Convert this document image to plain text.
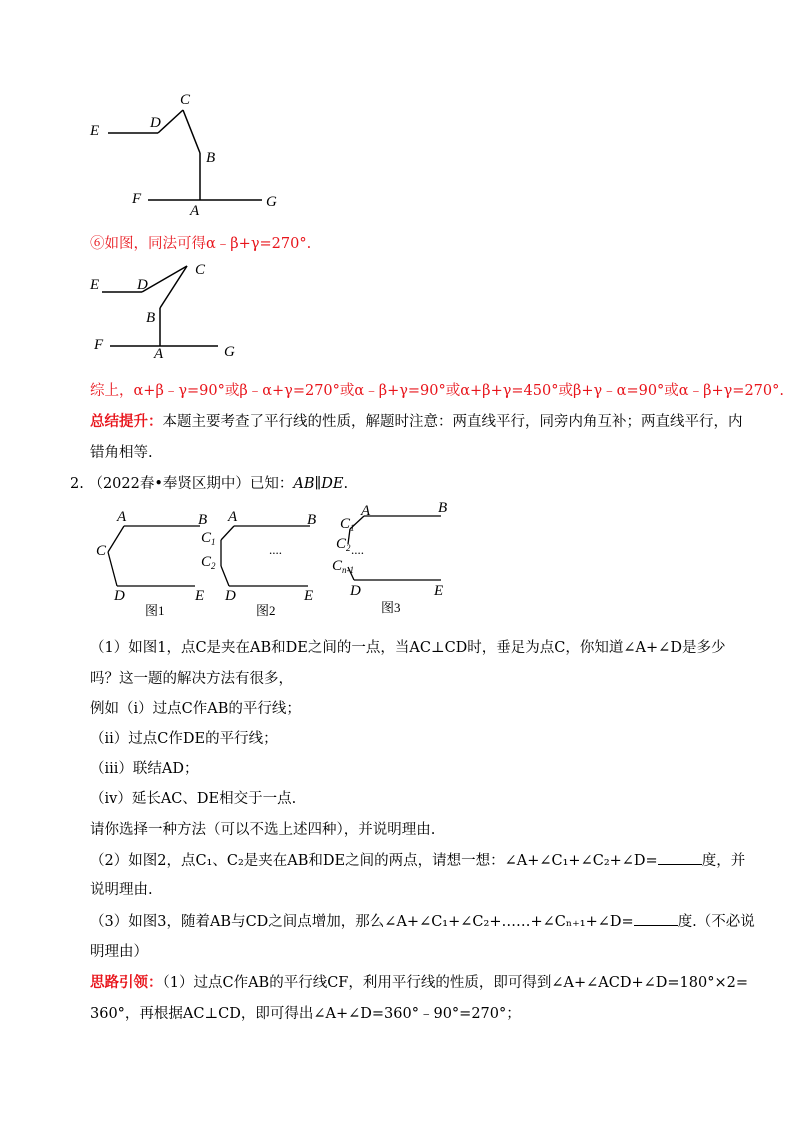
E	D
C
B
F
A
G
⑥如图，同法可得α﹣β+γ=270°.
E	D
C
B
F
A	G
综上，α+β﹣γ=90°或β﹣α+γ=270°或α﹣β+γ=90°或α+β+γ=450°或β+γ﹣α=90°或α﹣β+γ=270°.
总结提升：本题主要考查了平行线的性质，解题时注意：两直线平行，同旁内角互补；两直线平行，内
错角相等.
2. （2022春•奉贤区期中）已知：AB∥DE.
A	B
C
D	E
图1
A	B
$C_1$
$C_2$
....
D	E
图2
A	B
$C_1$
$C_2$ ....
$C_{n-1}$
D	E
图3
（1）如图1，点C是夹在AB和DE之间的一点，当AC⊥CD时，垂足为点C，你知道∠A+∠D是多少
吗？这一题的解决方法有很多，
例如（i）过点C作AB的平行线；
（ii）过点C作DE的平行线；
（iii）联结AD；
（iv）延长AC、DE相交于一点.
请你选择一种方法（可以不选上述四种），并说明理由.
（2）如图2，点C₁、C₂是夹在AB和DE之间的两点，请想一想：∠A+∠C₁+∠C₂+∠D=	度，并
说明理由.
（3）如图3，随着AB与CD之间点增加，那么∠A+∠C₁+∠C₂+……+∠Cₙ₊₁+∠D=	度.（不必说
明理由）
思路引领：（1）过点C作AB的平行线CF，利用平行线的性质，即可得到∠A+∠ACD+∠D=180°×2=
360°，再根据AC⊥CD，即可得出∠A+∠D=360°﹣90°=270°；
